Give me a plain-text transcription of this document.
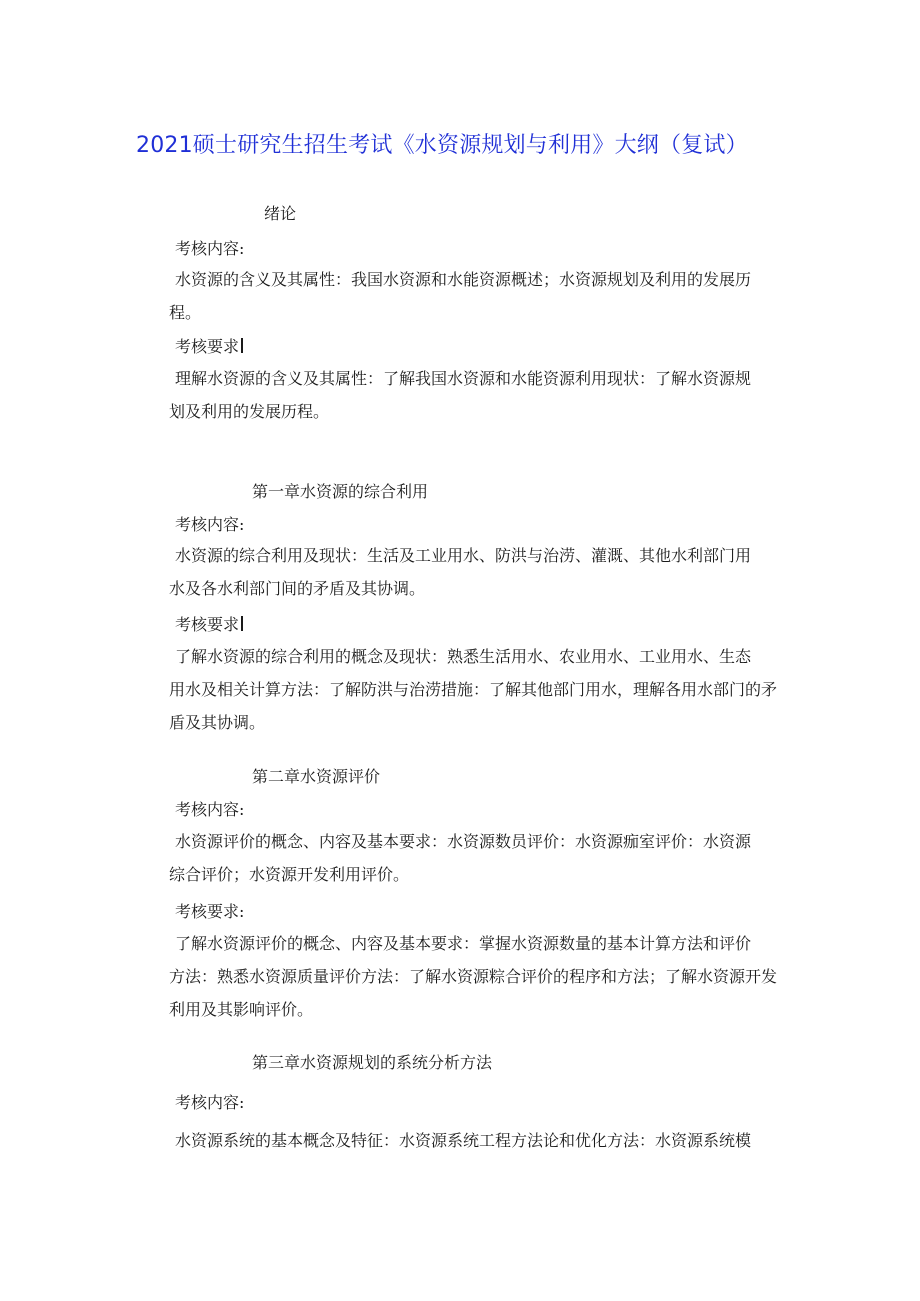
2021硕士研究生招生考试《水资源规划与利用》大纲（复试）
绪论
考核内容:
水资源的含义及其属性：我国水资源和水能资源概述；水资源规划及利用的发展历
程。
考核要求
理解水资源的含义及其属性：了解我国水资源和水能资源利用现状：了解水资源规
划及利用的发展历程。
第一章水资源的综合利用
考核内容:
水资源的综合利用及现状：生活及工业用水、防洪与治涝、灌溉、其他水利部门用
水及各水利部门间的矛盾及其协调。
考核要求
了解水资源的综合利用的概念及现状：熟悉生活用水、农业用水、工业用水、生态
用水及相关计算方法：了解防洪与治涝措施：了解其他部门用水，理解各用水部门的矛
盾及其协调。
第二章水资源评价
考核内容:
水资源评价的概念、内容及基本要求：水资源数员评价：水资源痂室评价：水资源
综合评价；水资源开发利用评价。
考核要求:
了解水资源评价的概念、内容及基本要求：掌握水资源数量的基本计算方法和评价
方法：熟悉水资源质量评价方法：了解水资源粽合评价的程序和方法；了解水资源开发
利用及其影响评价。
第三章水资源规划的系统分析方法
考核内容:
水资源系统的基本概念及特征：水资源系统工程方法论和优化方法：水资源系统模
